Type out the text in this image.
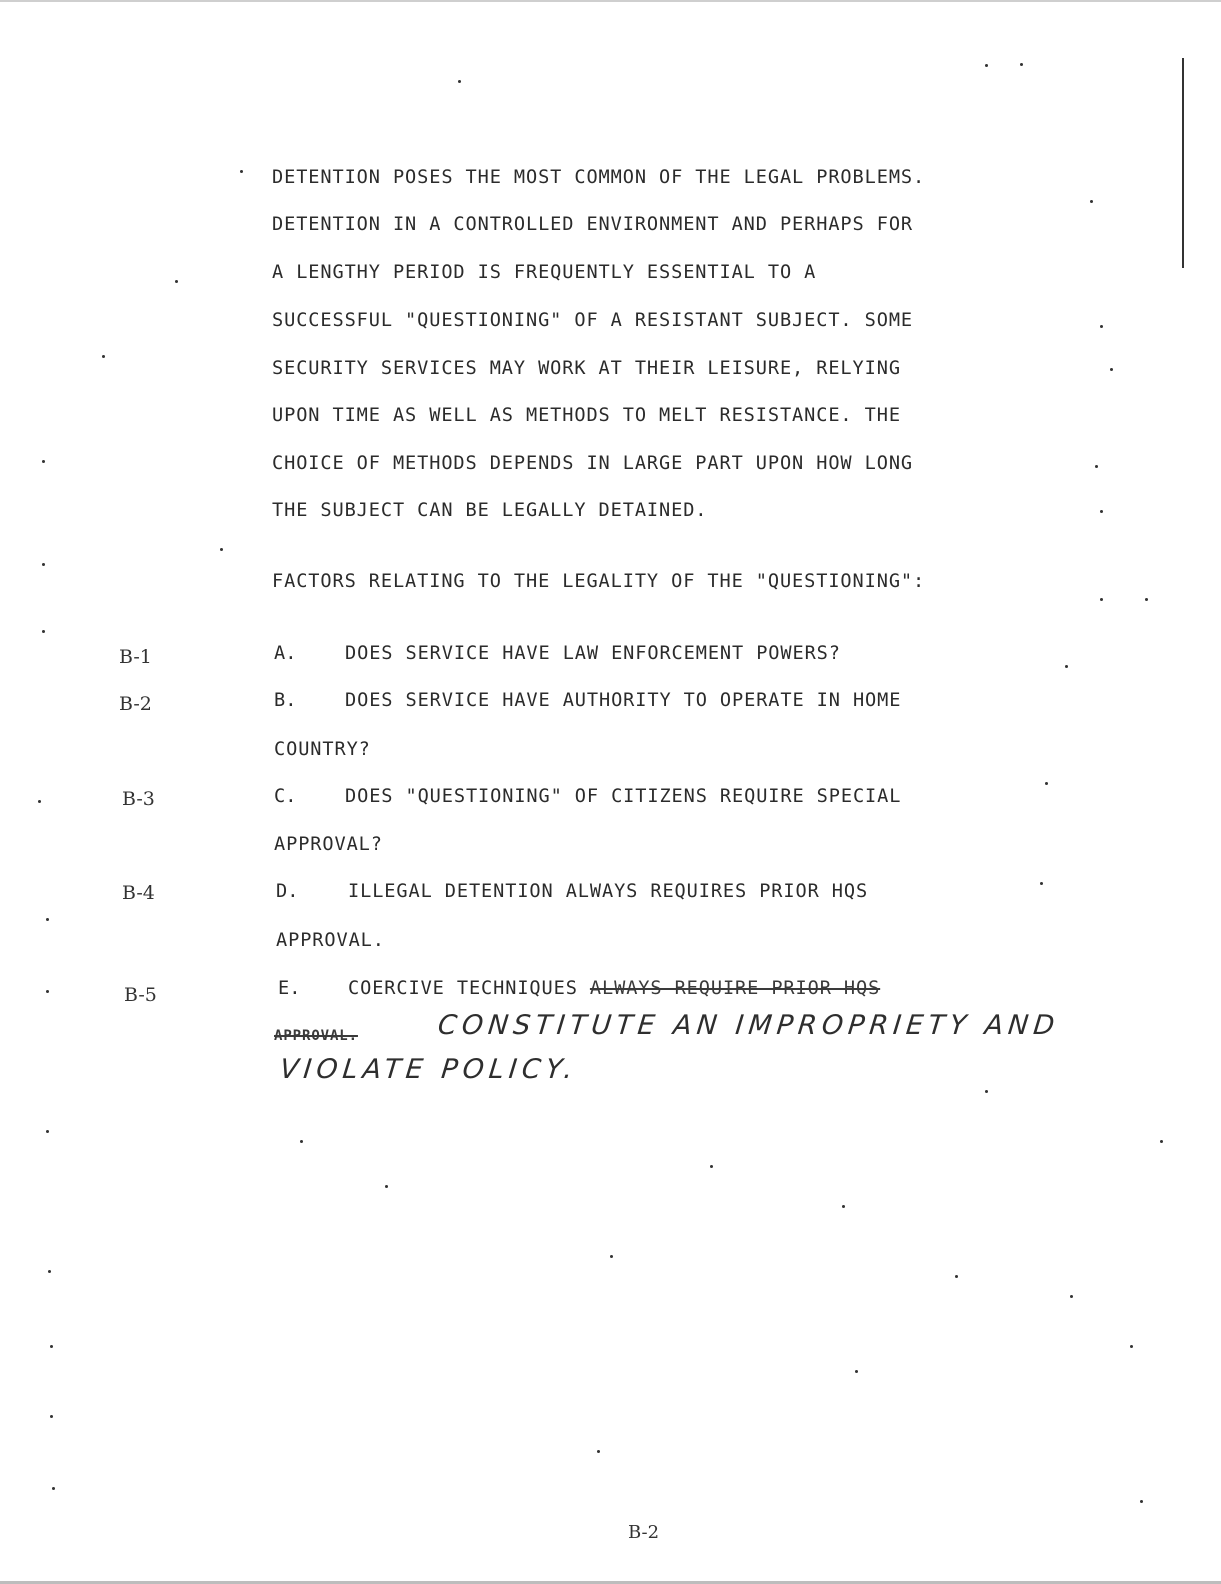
DETENTION POSES THE MOST COMMON OF THE LEGAL PROBLEMS.

DETENTION IN A CONTROLLED ENVIRONMENT AND PERHAPS FOR

A LENGTHY PERIOD IS FREQUENTLY ESSENTIAL TO A

SUCCESSFUL "QUESTIONING" OF A RESISTANT SUBJECT. SOME

SECURITY SERVICES MAY WORK AT THEIR LEISURE, RELYING

UPON TIME AS WELL AS METHODS TO MELT RESISTANCE. THE

CHOICE OF METHODS DEPENDS IN LARGE PART UPON HOW LONG

THE SUBJECT CAN BE LEGALLY DETAINED.

FACTORS RELATING TO THE LEGALITY OF THE "QUESTIONING":

B-1	A.	DOES SERVICE HAVE LAW ENFORCEMENT POWERS?

B-2	B.	DOES SERVICE HAVE AUTHORITY TO OPERATE IN HOME

COUNTRY?

B-3	C.	DOES "QUESTIONING" OF CITIZENS REQUIRE SPECIAL

APPROVAL?

B-4	D.	ILLEGAL DETENTION ALWAYS REQUIRES PRIOR HQS

APPROVAL.

B-5	E.	COERCIVE TECHNIQUES ALWAYS REQUIRE PRIOR HQS

APPROVAL.	CONSTITUTE AN IMPROPRIETY AND

VIOLATE POLICY.

B-2
